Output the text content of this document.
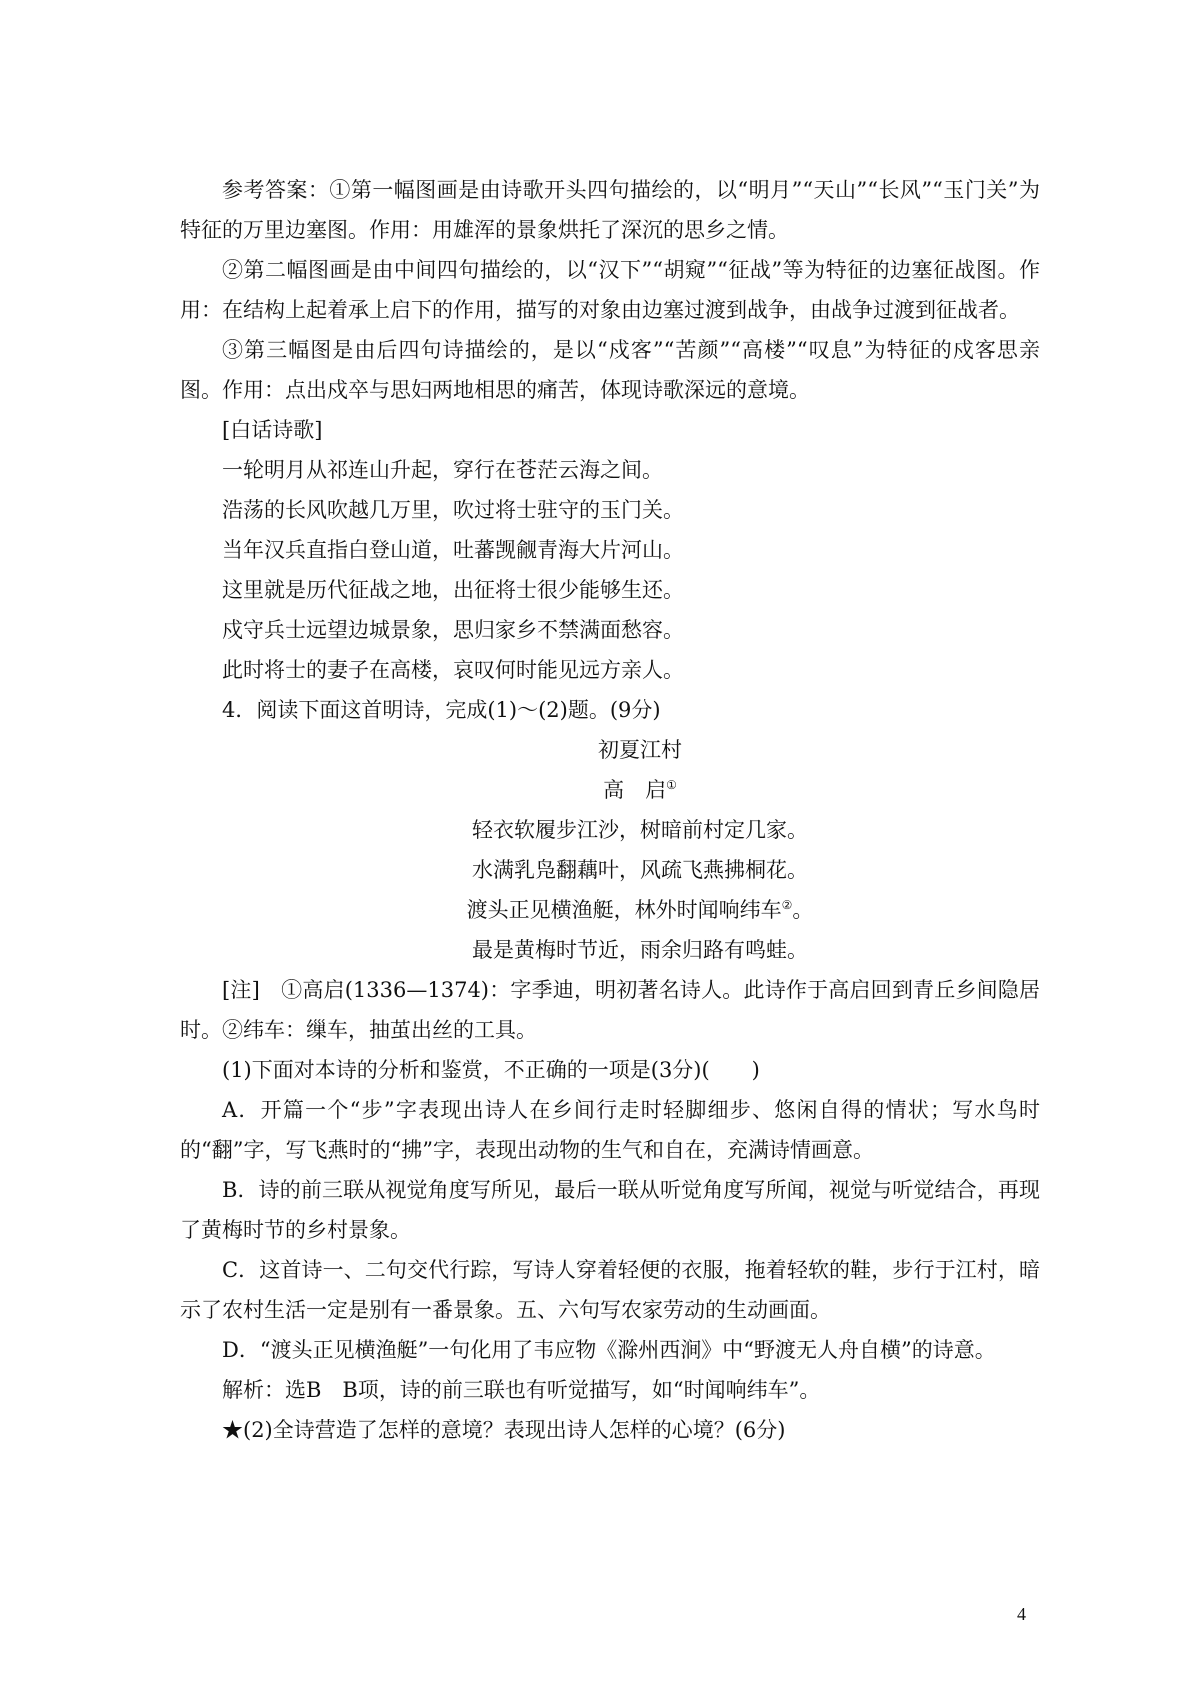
参考答案：①第一幅图画是由诗歌开头四句描绘的，以“明月”“天山”“长风”“玉门关”为特征的万里边塞图。作用：用雄浑的景象烘托了深沉的思乡之情。

②第二幅图画是由中间四句描绘的，以“汉下”“胡窥”“征战”等为特征的边塞征战图。作用：在结构上起着承上启下的作用，描写的对象由边塞过渡到战争，由战争过渡到征战者。

③第三幅图是由后四句诗描绘的，是以“戍客”“苦颜”“高楼”“叹息”为特征的戍客思亲图。作用：点出戍卒与思妇两地相思的痛苦，体现诗歌深远的意境。

[白话诗歌]

一轮明月从祁连山升起，穿行在苍茫云海之间。

浩荡的长风吹越几万里，吹过将士驻守的玉门关。

当年汉兵直指白登山道，吐蕃觊觎青海大片河山。

这里就是历代征战之地，出征将士很少能够生还。

戍守兵士远望边城景象，思归家乡不禁满面愁容。

此时将士的妻子在高楼，哀叹何时能见远方亲人。

4．阅读下面这首明诗，完成(1)～(2)题。(9分)

初夏江村

高　启①

轻衣软履步江沙，树暗前村定几家。

水满乳凫翻藕叶，风疏飞燕拂桐花。

渡头正见横渔艇，林外时闻响纬车②。

最是黄梅时节近，雨余归路有鸣蛙。

[注]　①高启(1336—1374)：字季迪，明初著名诗人。此诗作于高启回到青丘乡间隐居时。②纬车：缫车，抽茧出丝的工具。

(1)下面对本诗的分析和鉴赏，不正确的一项是(3分)(　　)

A．开篇一个“步”字表现出诗人在乡间行走时轻脚细步、悠闲自得的情状；写水鸟时的“翻”字，写飞燕时的“拂”字，表现出动物的生气和自在，充满诗情画意。

B．诗的前三联从视觉角度写所见，最后一联从听觉角度写所闻，视觉与听觉结合，再现了黄梅时节的乡村景象。

C．这首诗一、二句交代行踪，写诗人穿着轻便的衣服，拖着轻软的鞋，步行于江村，暗示了农村生活一定是别有一番景象。五、六句写农家劳动的生动画面。

D．“渡头正见横渔艇”一句化用了韦应物《滁州西涧》中“野渡无人舟自横”的诗意。

解析：选B　B项，诗的前三联也有听觉描写，如“时闻响纬车”。

★(2)全诗营造了怎样的意境？表现出诗人怎样的心境？(6分)

4
